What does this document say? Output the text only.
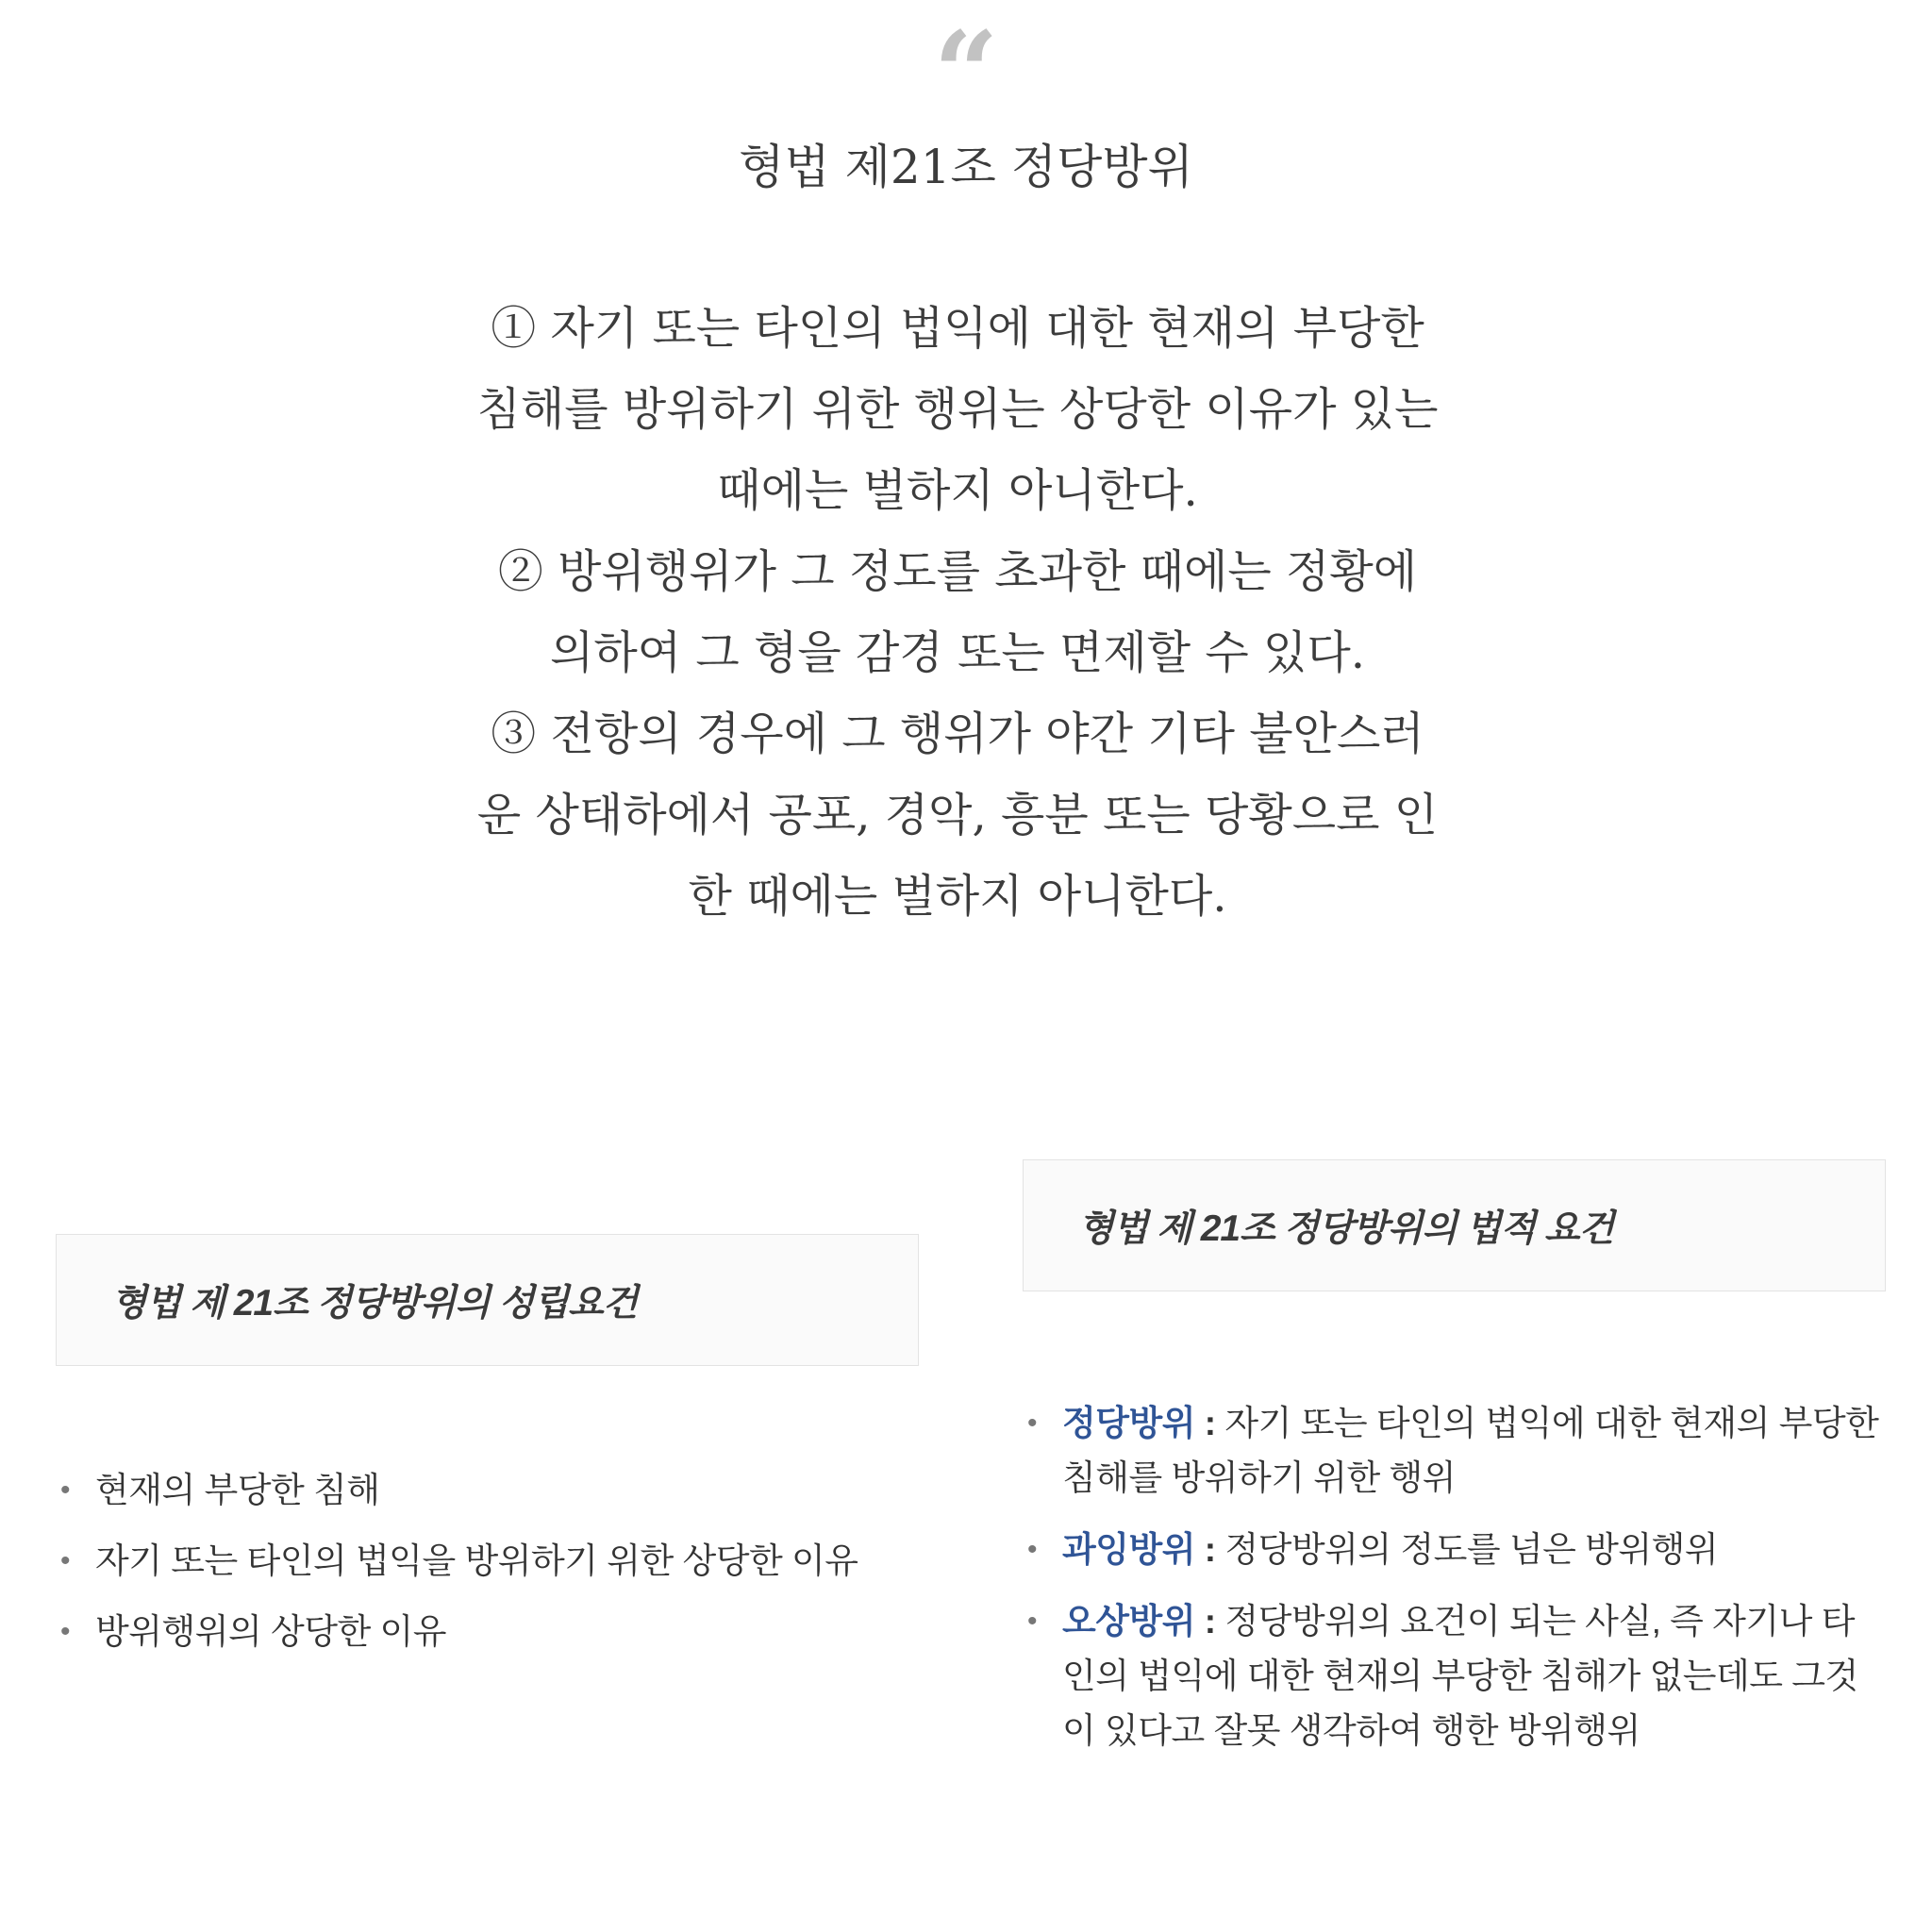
“
형법 제21조 정당방위

① 자기 또는 타인의 법익에 대한 현재의 부당한 침해를 방위하기 위한 행위는 상당한 이유가 있는 때에는 벌하지 아니한다.

② 방위행위가 그 정도를 초과한 때에는 정황에 의하여 그 형을 감경 또는 면제할 수 있다.

③ 전항의 경우에 그 행위가 야간 기타 불안스러운 상태하에서 공포, 경악, 흥분 또는 당황으로 인한 때에는 벌하지 아니한다.

형법 제 21조 정당방위의 성립요건
• 현재의 부당한 침해
• 자기 또는 타인의 법익을 방위하기 위한 상당한 이유
• 방위행위의 상당한 이유
형법 제 21조 정당방위의 법적 요건
• 정당방위 : 자기 또는 타인의 법익에 대한 현재의 부당한 침해를 방위하기 위한 행위
• 과잉방위 : 정당방위의 정도를 넘은 방위행위
• 오상방위 : 정당방위의 요건이 되는 사실, 즉 자기나 타인의 법익에 대한 현재의 부당한 침해가 없는데도 그것이 있다고 잘못 생각하여 행한 방위행위
